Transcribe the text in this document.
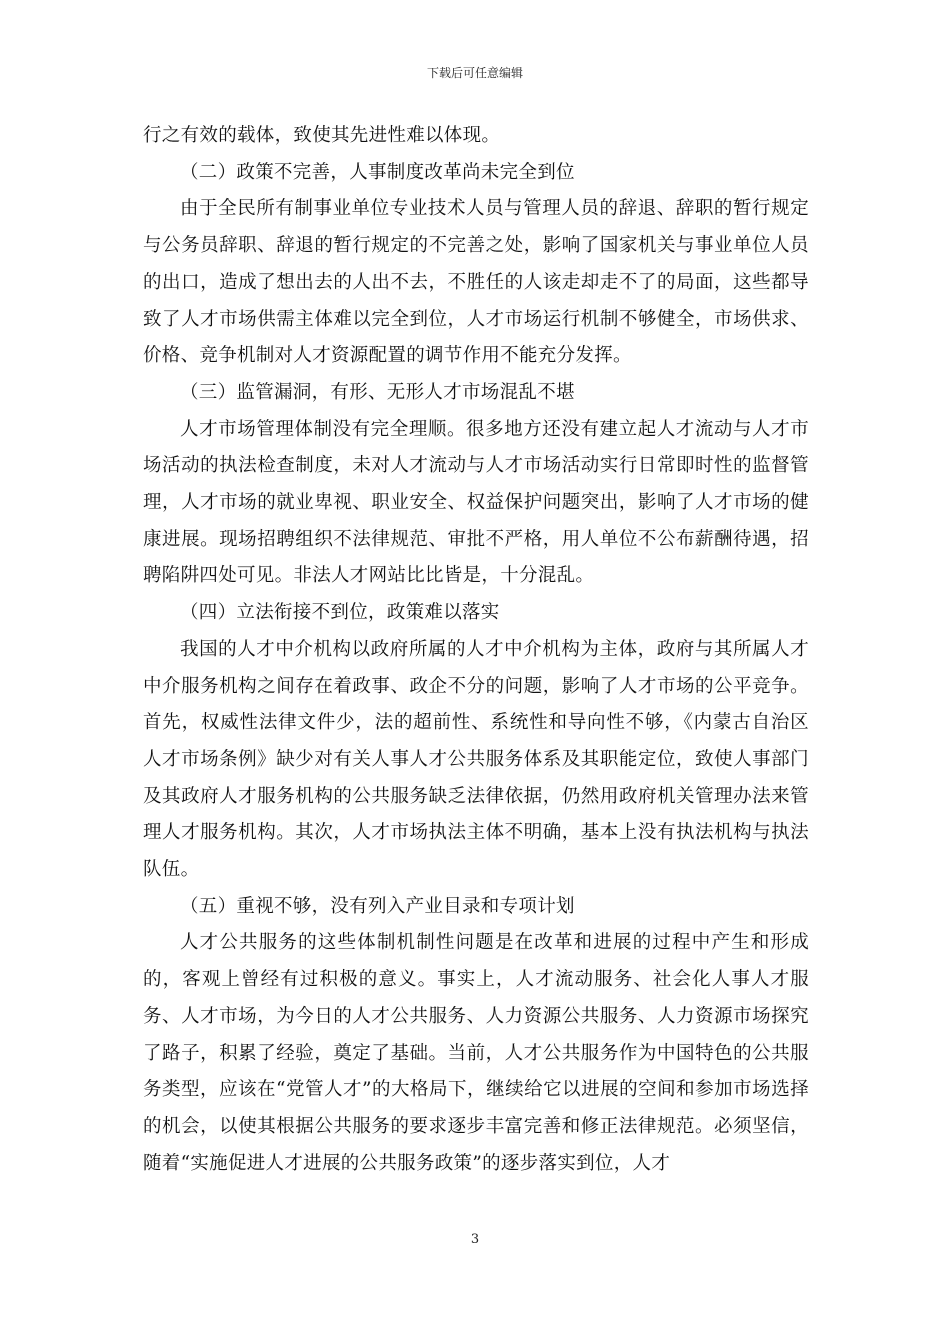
下载后可任意编辑

行之有效的载体，致使其先进性难以体现。

（二）政策不完善，人事制度改革尚未完全到位

由于全民所有制事业单位专业技术人员与管理人员的辞退、辞职的暂行规定与公务员辞职、辞退的暂行规定的不完善之处，影响了国家机关与事业单位人员的出口，造成了想出去的人出不去，不胜任的人该走却走不了的局面，这些都导致了人才市场供需主体难以完全到位，人才市场运行机制不够健全，市场供求、价格、竞争机制对人才资源配置的调节作用不能充分发挥。

（三）监管漏洞，有形、无形人才市场混乱不堪

人才市场管理体制没有完全理顺。很多地方还没有建立起人才流动与人才市场活动的执法检查制度，未对人才流动与人才市场活动实行日常即时性的监督管理，人才市场的就业卑视、职业安全、权益保护问题突出，影响了人才市场的健康进展。现场招聘组织不法律规范、审批不严格，用人单位不公布薪酬待遇，招聘陷阱四处可见。非法人才网站比比皆是，十分混乱。

（四）立法衔接不到位，政策难以落实

我国的人才中介机构以政府所属的人才中介机构为主体，政府与其所属人才中介服务机构之间存在着政事、政企不分的问题，影响了人才市场的公平竞争。首先，权威性法律文件少，法的超前性、系统性和导向性不够，《内蒙古自治区人才市场条例》缺少对有关人事人才公共服务体系及其职能定位，致使人事部门及其政府人才服务机构的公共服务缺乏法律依据，仍然用政府机关管理办法来管理人才服务机构。其次，人才市场执法主体不明确，基本上没有执法机构与执法队伍。

（五）重视不够，没有列入产业目录和专项计划

人才公共服务的这些体制机制性问题是在改革和进展的过程中产生和形成的，客观上曾经有过积极的意义。事实上，人才流动服务、社会化人事人才服务、人才市场，为今日的人才公共服务、人力资源公共服务、人力资源市场探究了路子，积累了经验，奠定了基础。当前，人才公共服务作为中国特色的公共服务类型，应该在“党管人才”的大格局下，继续给它以进展的空间和参加市场选择的机会，以使其根据公共服务的要求逐步丰富完善和修正法律规范。必须坚信，随着“实施促进人才进展的公共服务政策”的逐步落实到位，人才

3
